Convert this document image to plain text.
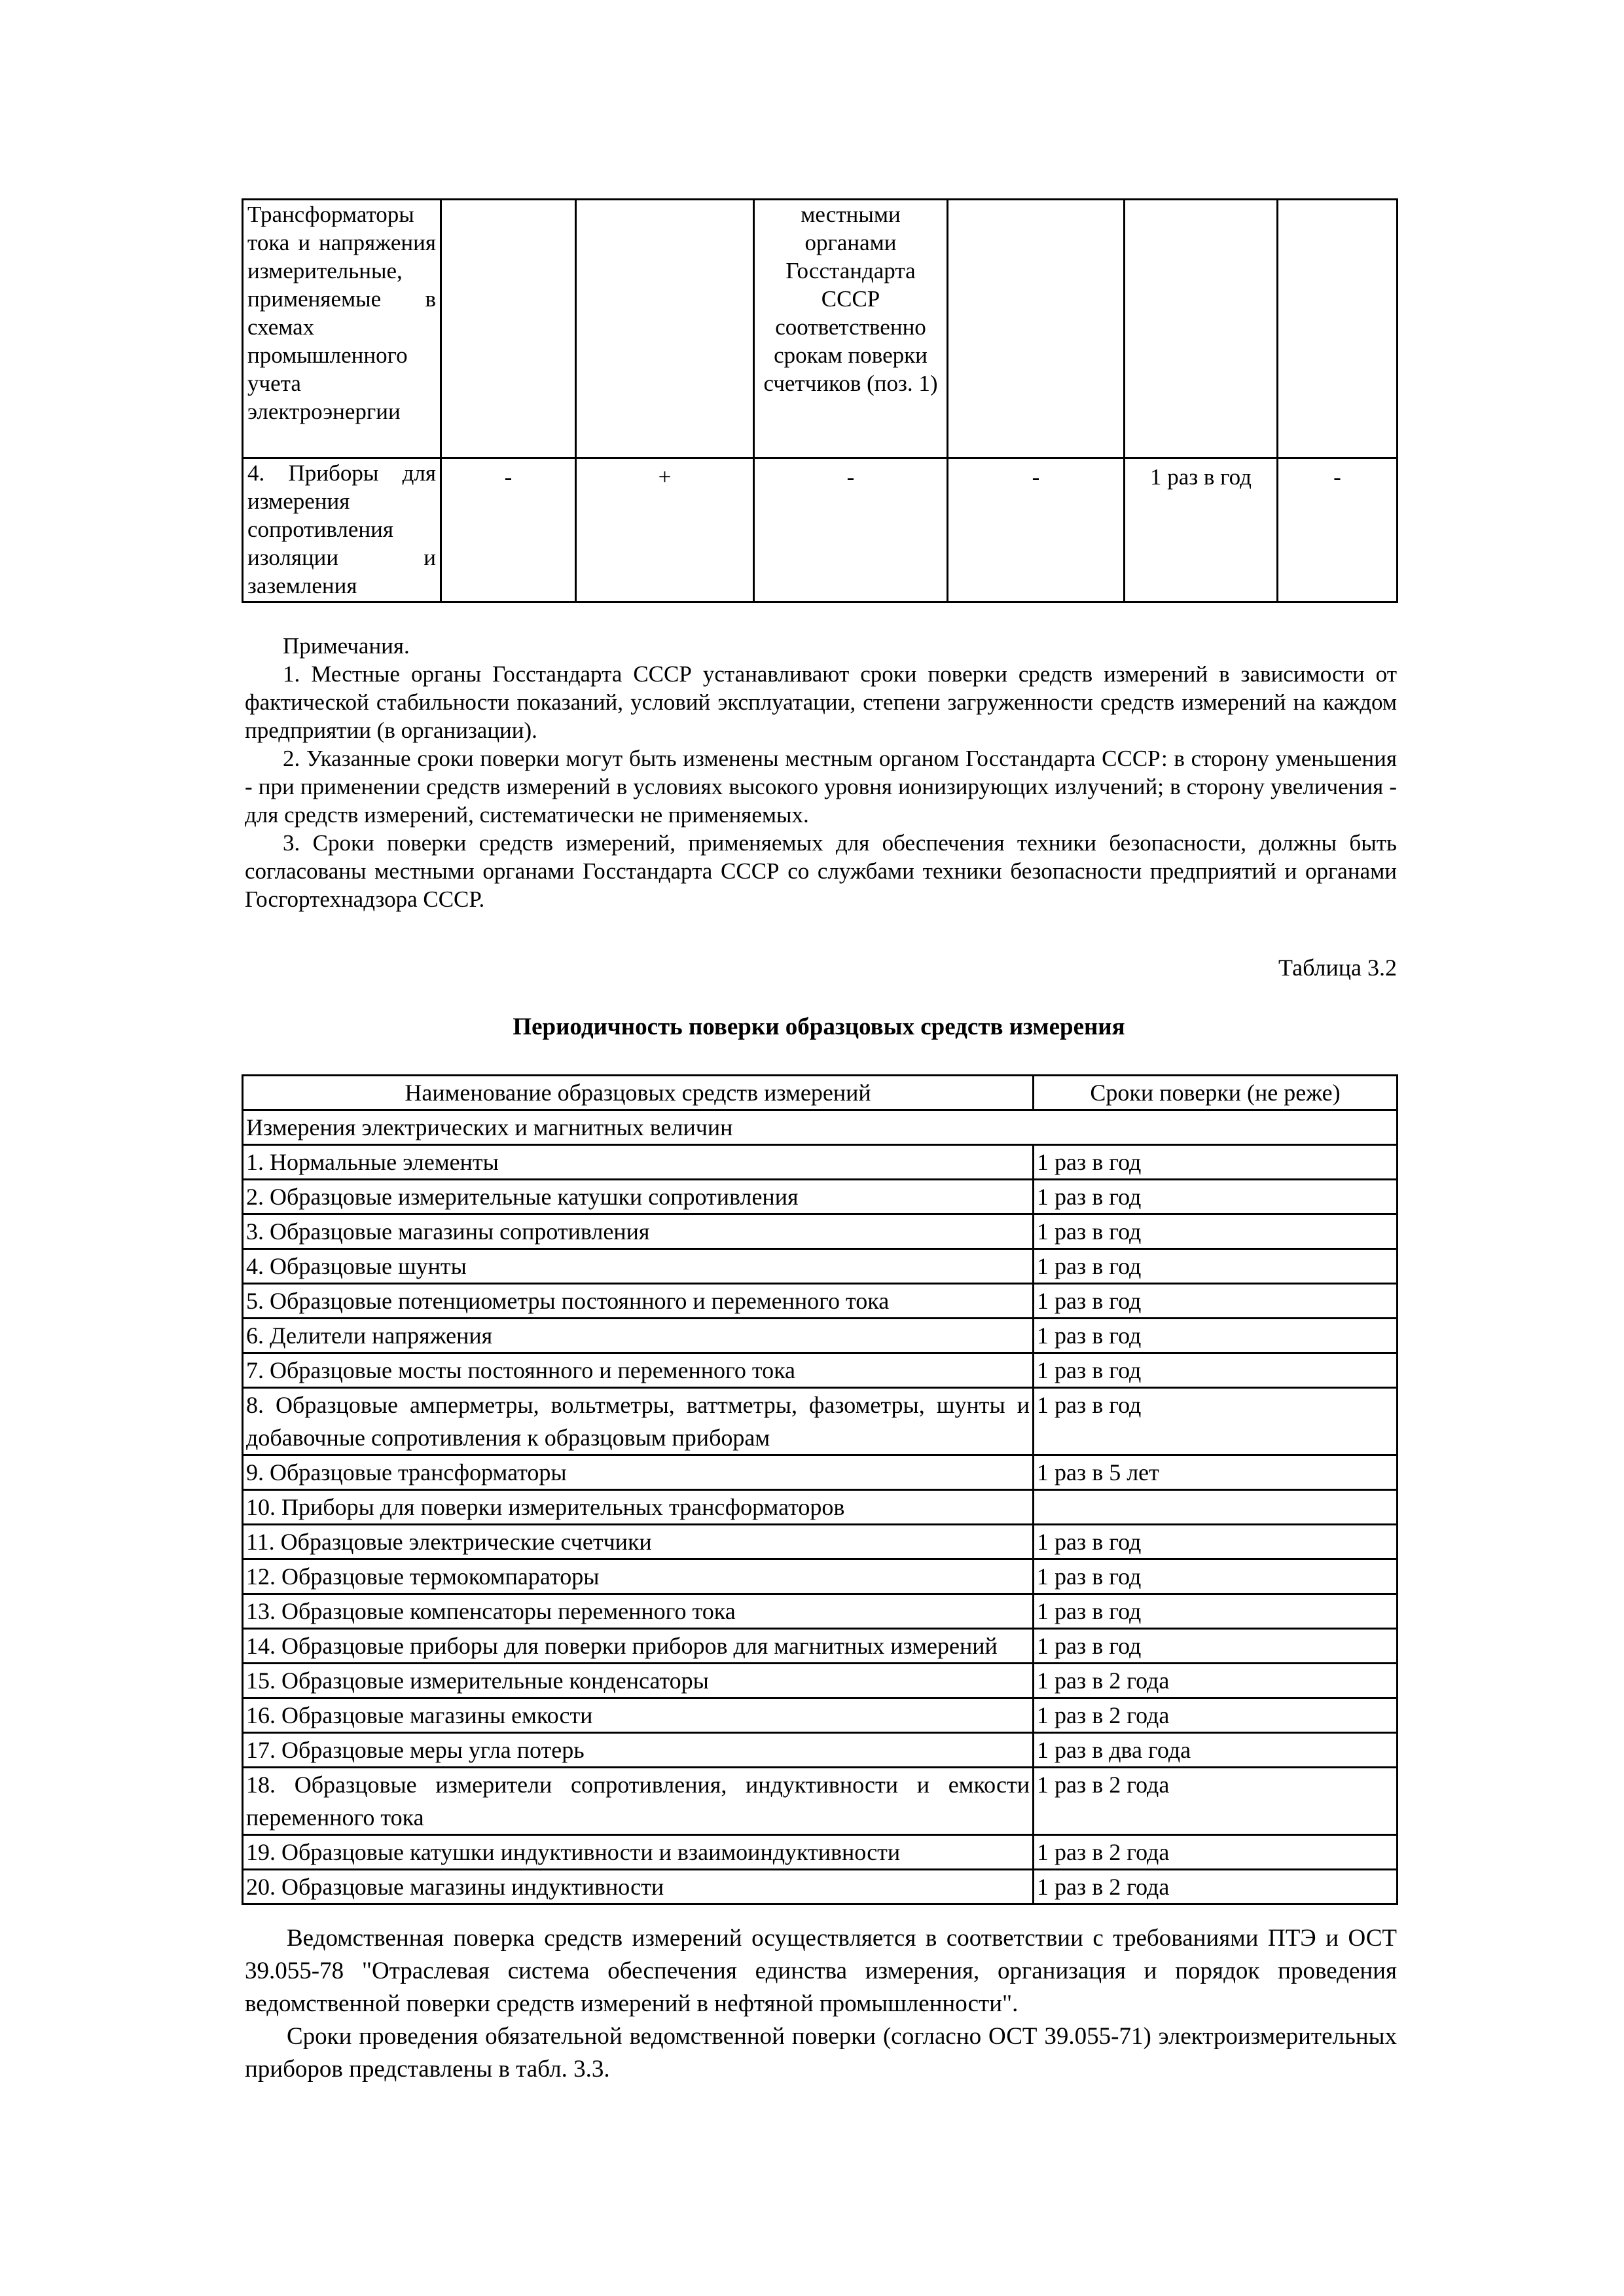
Трансформаторы тока и напряжения измерительные, применяемые в схемах промышленного учета электроэнергии			местными органами Госстандарта СССР соответственно срокам поверки счетчиков (поз. 1)			
4. Приборы для измерения сопротивления изоляции и заземления	-	+	-	-	1 раз в год	-

Примечания.

1. Местные органы Госстандарта СССР устанавливают сроки поверки средств измерений в зависимости от фактической стабильности показаний, условий эксплуатации, степени загруженности средств измерений на каждом предприятии (в организации).

2. Указанные сроки поверки могут быть изменены местным органом Госстандарта СССР: в сторону уменьшения - при применении средств измерений в условиях высокого уровня ионизирующих излучений; в сторону увеличения - для средств измерений, систематически не применяемых.

3. Сроки поверки средств измерений, применяемых для обеспечения техники безопасности, должны быть согласованы местными органами Госстандарта СССР со службами техники безопасности предприятий и органами Госгортехнадзора СССР.

Таблица 3.2
Периодичность поверки образцовых средств измерения
Наименование образцовых средств измерений	Сроки поверки (не реже)
Измерения электрических и магнитных величин	
1. Нормальные элементы	1 раз в год
2. Образцовые измерительные катушки сопротивления	1 раз в год
3. Образцовые магазины сопротивления	1 раз в год
4. Образцовые шунты	1 раз в год
5. Образцовые потенциометры постоянного и переменного тока	1 раз в год
6. Делители напряжения	1 раз в год
7. Образцовые мосты постоянного и переменного тока	1 раз в год
8. Образцовые амперметры, вольтметры, ваттметры, фазометры, шунты и добавочные сопротивления к образцовым приборам	1 раз в год
9. Образцовые трансформаторы	1 раз в 5 лет
10. Приборы для поверки измерительных трансформаторов	
11. Образцовые электрические счетчики	1 раз в год
12. Образцовые термокомпараторы	1 раз в год
13. Образцовые компенсаторы переменного тока	1 раз в год
14. Образцовые приборы для поверки приборов для магнитных измерений	1 раз в год
15. Образцовые измерительные конденсаторы	1 раз в 2 года
16. Образцовые магазины емкости	1 раз в 2 года
17. Образцовые меры угла потерь	1 раз в два года
18. Образцовые измерители сопротивления, индуктивности и емкости переменного тока	1 раз в 2 года
19. Образцовые катушки индуктивности и взаимоиндуктивности	1 раз в 2 года
20. Образцовые магазины индуктивности	1 раз в 2 года

Ведомственная поверка средств измерений осуществляется в соответствии с требованиями ПТЭ и ОСТ 39.055-78 "Отраслевая система обеспечения единства измерения, организация и порядок проведения ведомственной поверки средств измерений в нефтяной промышленности".

Сроки проведения обязательной ведомственной поверки (согласно ОСТ 39.055-71) электроизмерительных приборов представлены в табл. 3.3.
